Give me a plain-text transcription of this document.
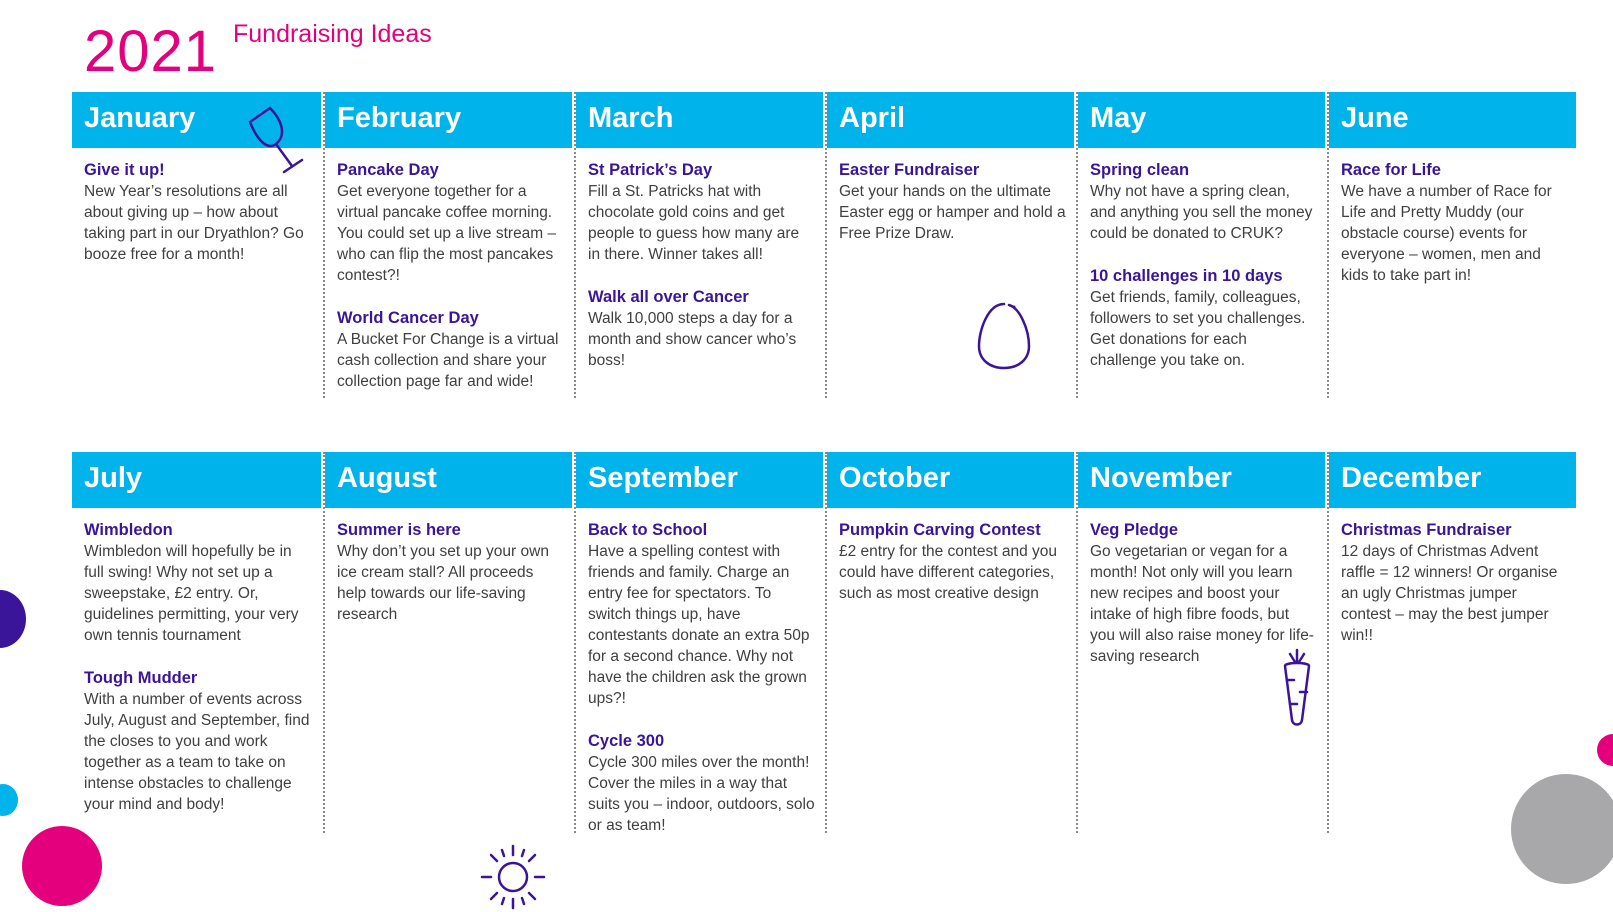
2021 Fundraising Ideas
January
Give it up!
New Year’s resolutions are all about giving up – how about taking part in our Dryathlon? Go booze free for a month!
February
Pancake Day
Get everyone together for a virtual pancake coffee morning. You could set up a live stream – who can flip the most pancakes contest?!
World Cancer Day
A Bucket For Change is a virtual cash collection and share your collection page far and wide!
March
St Patrick’s Day
Fill a St. Patricks hat with chocolate gold coins and get people to guess how many are in there. Winner takes all!
Walk all over Cancer
Walk 10,000 steps a day for a month and show cancer who’s boss!
April
Easter Fundraiser
Get your hands on the ultimate Easter egg or hamper and hold a Free Prize Draw.
May
Spring clean
Why not have a spring clean, and anything you sell the money could be donated to CRUK?
10 challenges in 10 days
Get friends, family, colleagues, followers to set you challenges. Get donations for each challenge you take on.
June
Race for Life
We have a number of Race for Life and Pretty Muddy (our obstacle course) events for everyone – women, men and kids to take part in!
July
Wimbledon
Wimbledon will hopefully be in full swing! Why not set up a sweepstake, £2 entry. Or, guidelines permitting, your very own tennis tournament
Tough Mudder
With a number of events across July, August and September, find the closes to you and work together as a team to take on intense obstacles to challenge your mind and body!
August
Summer is here
Why don’t you set up your own ice cream stall? All proceeds help towards our life-saving research
September
Back to School
Have a spelling contest with friends and family. Charge an entry fee for spectators. To switch things up, have contestants donate an extra 50p for a second chance. Why not have the children ask the grown ups?!
Cycle 300
Cycle 300 miles over the month! Cover the miles in a way that suits you – indoor, outdoors, solo or as team!
October
Pumpkin Carving Contest
£2 entry for the contest and you could have different categories, such as most creative design
November
Veg Pledge
Go vegetarian or vegan for a month! Not only will you learn new recipes and boost your intake of high fibre foods, but you will also raise money for life-saving research
December
Christmas Fundraiser
12 days of Christmas Advent raffle = 12 winners! Or organise an ugly Christmas jumper contest – may the best jumper win!!
